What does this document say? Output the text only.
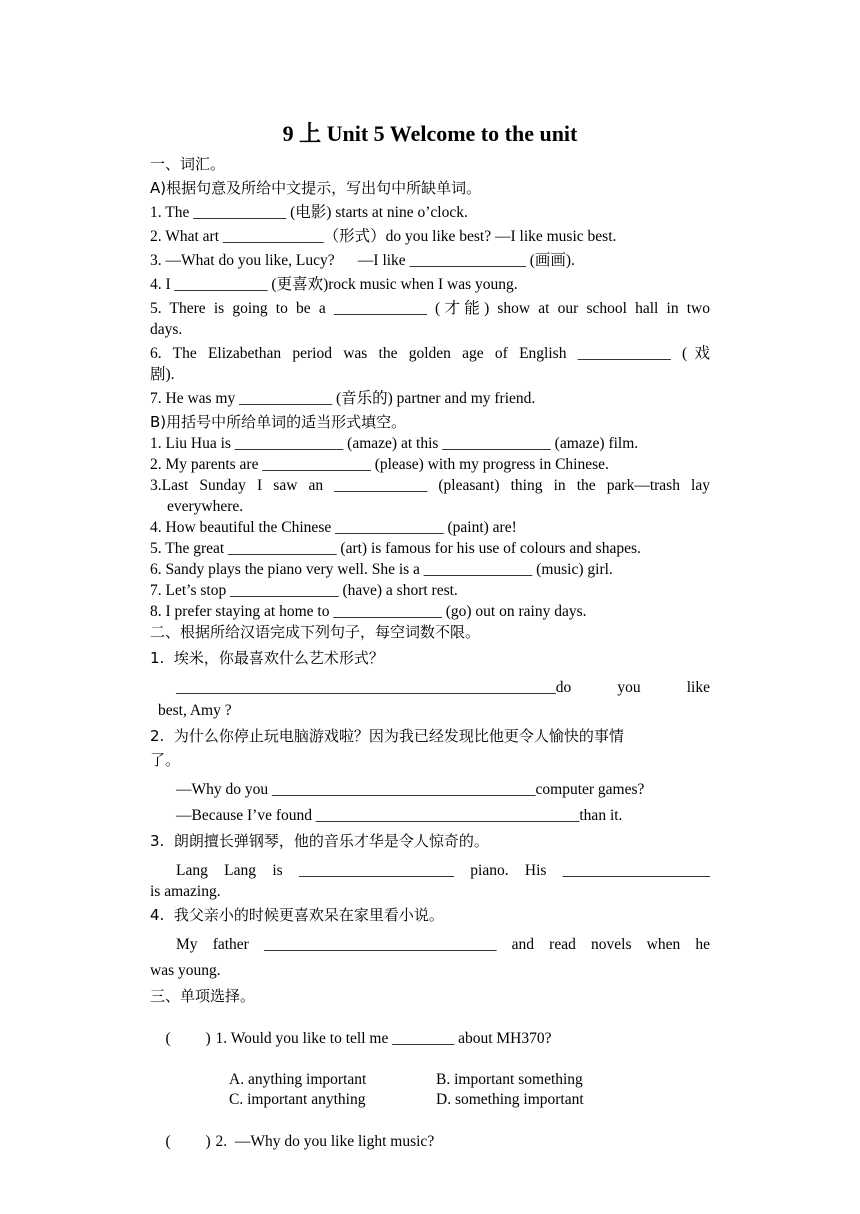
9 上 Unit 5 Welcome to the unit
一、词汇。
A)根据句意及所给中文提示，写出句中所缺单词。
1. The ____________ (电影) starts at nine o’clock.
2. What art _____________（形式）do you like best? —I like music best.
3. —What do you like, Lucy?      —I like _______________ (画画).
4. I ____________ (更喜欢)rock music when I was young.
5. There is going to be a ____________ (才能) show at our school hall in two
days.
6. The Elizabethan period was the golden age of English ____________ (戏
剧).
7. He was my ____________ (音乐的) partner and my friend.
B)用括号中所给单词的适当形式填空。
1. Liu Hua is ______________ (amaze) at this ______________ (amaze) film.
2. My parents are ______________ (please) with my progress in Chinese.
3.Last Sunday I saw an ____________ (pleasant) thing in the park—trash lay
everywhere.
4. How beautiful the Chinese ______________ (paint) are!
5. The great ______________ (art) is famous for his use of colours and shapes.
6. Sandy plays the piano very well. She is a ______________ (music) girl.
7. Let’s stop ______________ (have) a short rest.
8. I prefer staying at home to ______________ (go) out on rainy days.
二、根据所给汉语完成下列句子，每空词数不限。
1.  埃米，你最喜欢什么艺术形式？
_________________________________________________do   you   like
best, Amy ?
2.  为什么你停止玩电脑游戏啦？因为我已经发现比他更令人愉快的事情
了。
—Why do you __________________________________computer games?
—Because I’ve found __________________________________than it.
3.  朗朗擅长弹钢琴，他的音乐才华是令人惊奇的。
Lang Lang is ____________________ piano. His ___________________
is amazing.
4.  我父亲小的时候更喜欢呆在家里看小说。
My father ______________________________ and read novels when he
was young.
三、单项选择。

(         ) 1. Would you like to tell me ________ about MH370?

A. anything important	B. important something
C. important anything	D. something important

(         ) 2.  —Why do you like light music?
